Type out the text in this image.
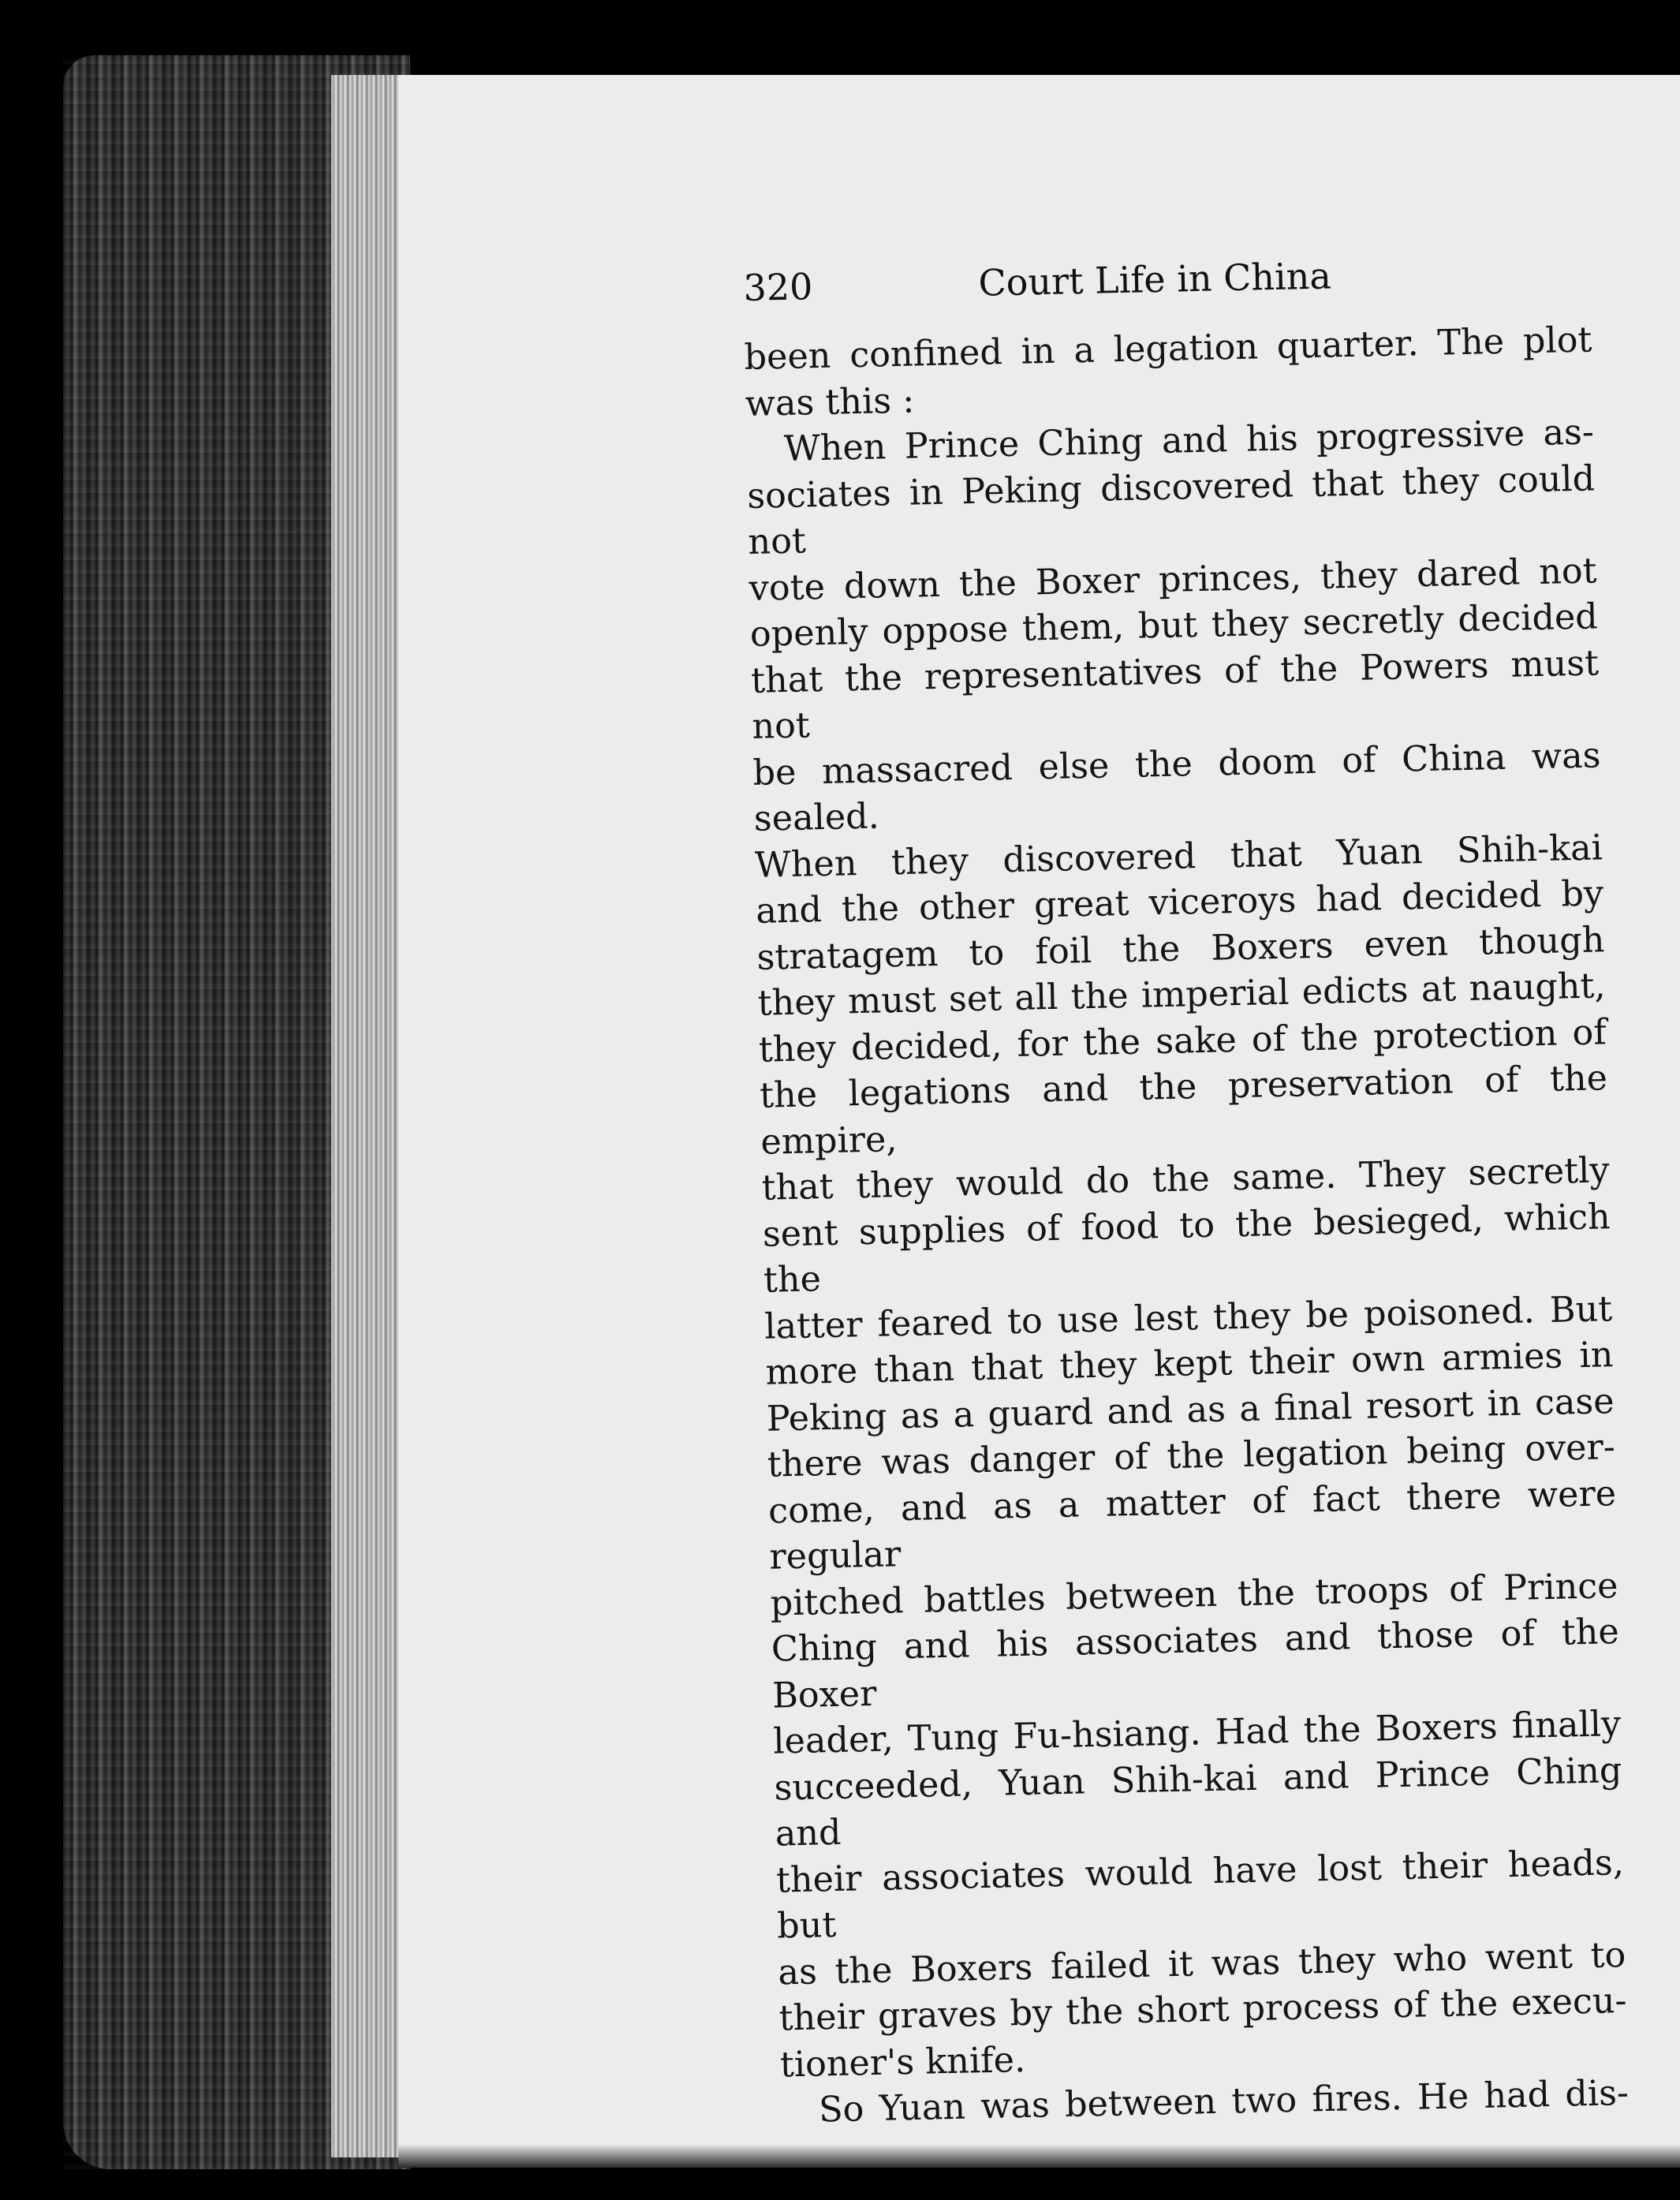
320	Court Life in China

been confined in a legation quarter. The plot

was this :

When Prince Ching and his progressive as-

sociates in Peking discovered that they could not

vote down the Boxer princes, they dared not

openly oppose them, but they secretly decided

that the representatives of the Powers must not

be massacred else the doom of China was sealed.

When they discovered that Yuan Shih-kai

and the other great viceroys had decided by

stratagem to foil the Boxers even though

they must set all the imperial edicts at naught,

they decided, for the sake of the protection of

the legations and the preservation of the empire,

that they would do the same. They secretly

sent supplies of food to the besieged, which the

latter feared to use lest they be poisoned. But

more than that they kept their own armies in

Peking as a guard and as a final resort in case

there was danger of the legation being over-

come, and as a matter of fact there were regular

pitched battles between the troops of Prince

Ching and his associates and those of the Boxer

leader, Tung Fu-hsiang. Had the Boxers finally

succeeded, Yuan Shih-kai and Prince Ching and

their associates would have lost their heads, but

as the Boxers failed it was they who went to

their graves by the short process of the execu-

tioner's knife.

So Yuan was between two fires. He had dis-
